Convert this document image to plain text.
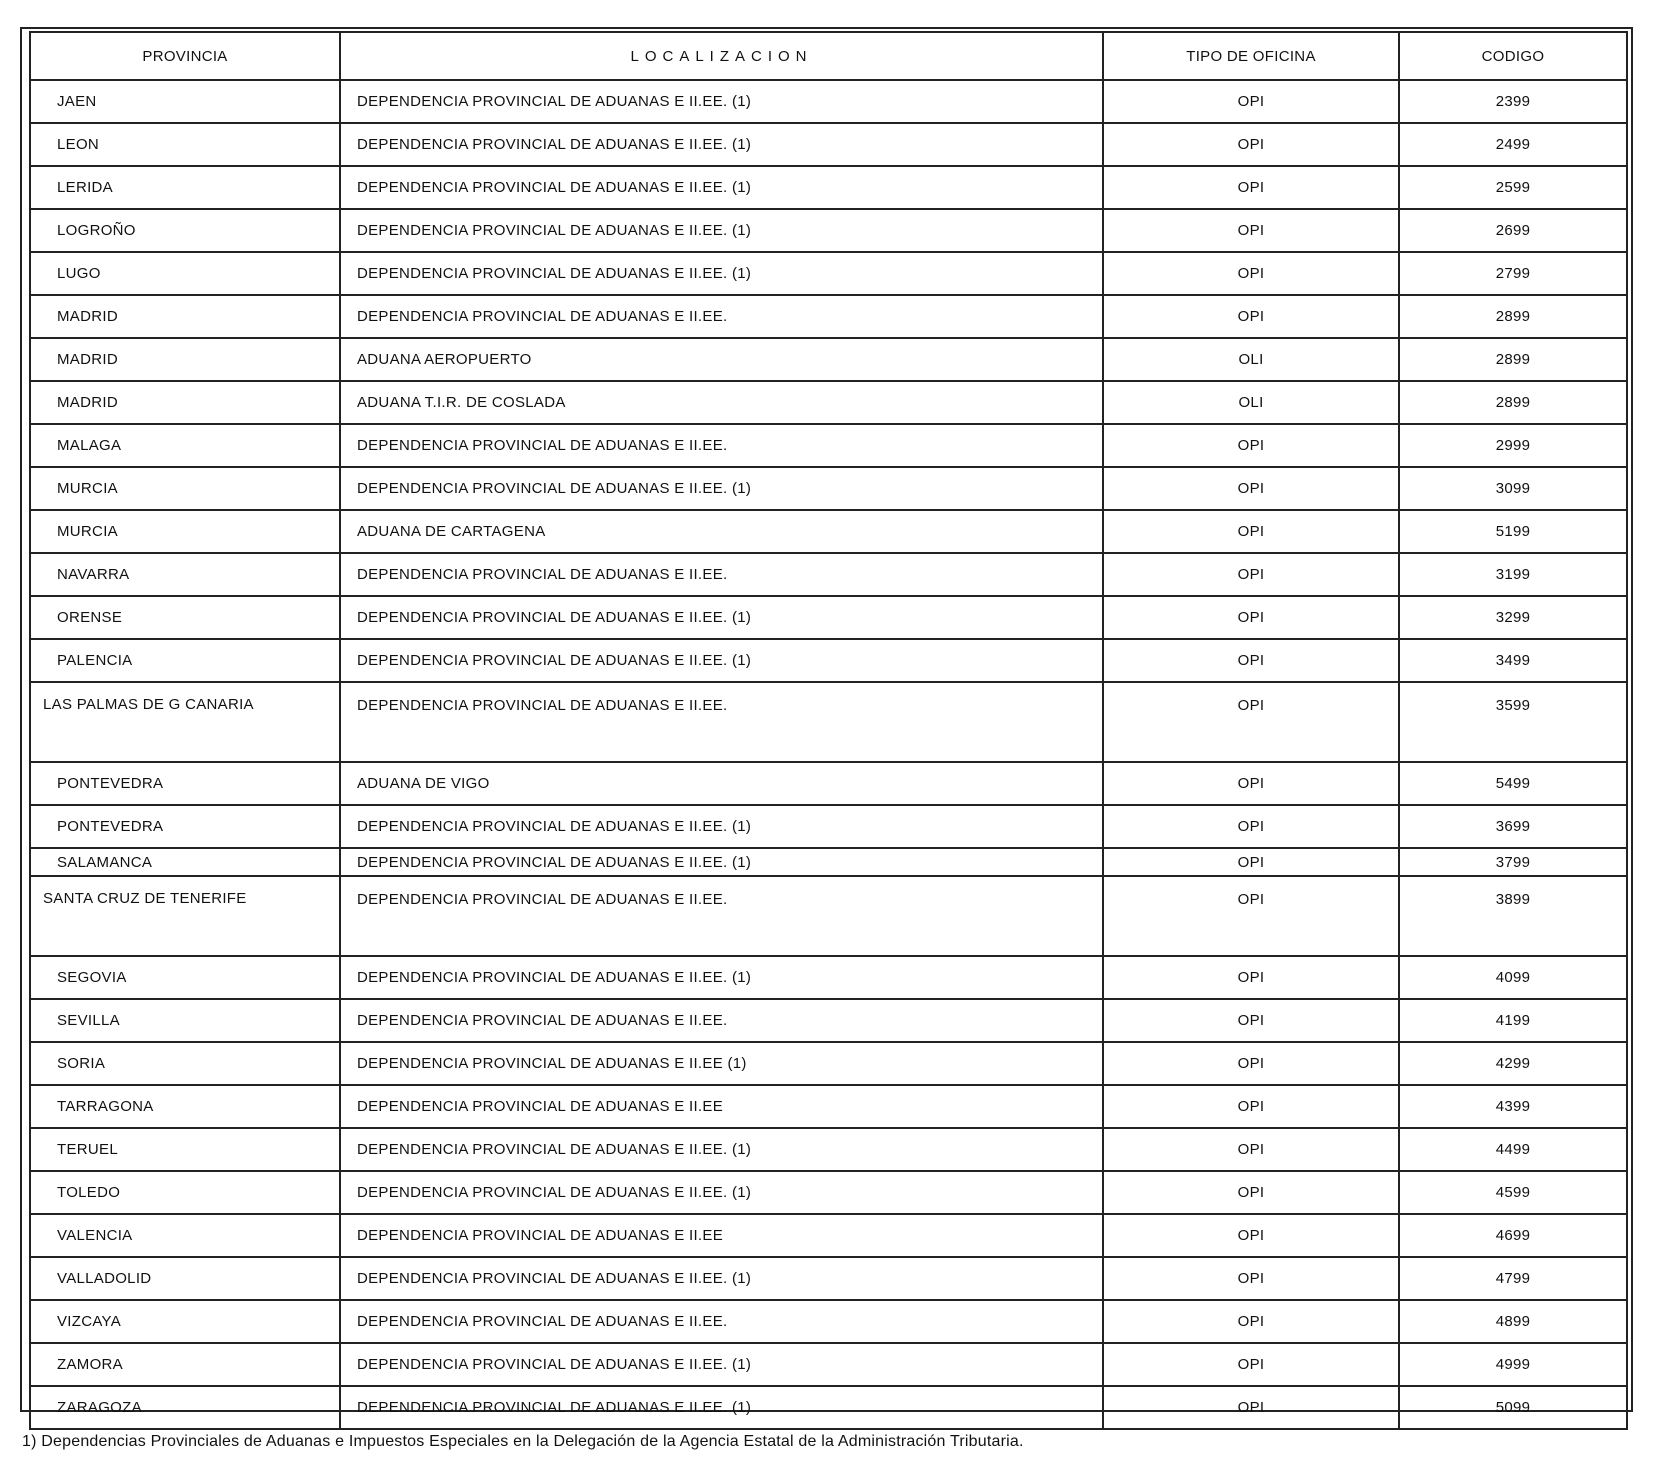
PROVINCIA	LOCALIZACION	TIPO DE OFICINA	CODIGO
JAEN	DEPENDENCIA PROVINCIAL DE ADUANAS E II.EE. (1)	OPI	2399
LEON	DEPENDENCIA PROVINCIAL DE ADUANAS E II.EE. (1)	OPI	2499
LERIDA	DEPENDENCIA PROVINCIAL DE ADUANAS E II.EE. (1)	OPI	2599
LOGROÑO	DEPENDENCIA PROVINCIAL DE ADUANAS E II.EE. (1)	OPI	2699
LUGO	DEPENDENCIA PROVINCIAL DE ADUANAS E II.EE. (1)	OPI	2799
MADRID	DEPENDENCIA PROVINCIAL DE ADUANAS E II.EE.	OPI	2899
MADRID	ADUANA AEROPUERTO	OLI	2899
MADRID	ADUANA T.I.R. DE COSLADA	OLI	2899
MALAGA	DEPENDENCIA PROVINCIAL DE ADUANAS E II.EE.	OPI	2999
MURCIA	DEPENDENCIA PROVINCIAL DE ADUANAS E II.EE. (1)	OPI	3099
MURCIA	ADUANA DE CARTAGENA	OPI	5199
NAVARRA	DEPENDENCIA PROVINCIAL DE ADUANAS E II.EE.	OPI	3199
ORENSE	DEPENDENCIA PROVINCIAL DE ADUANAS E II.EE. (1)	OPI	3299
PALENCIA	DEPENDENCIA PROVINCIAL DE ADUANAS E II.EE. (1)	OPI	3499
LAS PALMAS DE G CANARIA	DEPENDENCIA PROVINCIAL DE ADUANAS E II.EE.	OPI	3599
PONTEVEDRA	ADUANA DE VIGO	OPI	5499
PONTEVEDRA	DEPENDENCIA PROVINCIAL DE ADUANAS E II.EE. (1)	OPI	3699
SALAMANCA	DEPENDENCIA PROVINCIAL DE ADUANAS E II.EE. (1)	OPI	3799
SANTA CRUZ DE TENERIFE	DEPENDENCIA PROVINCIAL DE ADUANAS E II.EE.	OPI	3899
SEGOVIA	DEPENDENCIA PROVINCIAL DE ADUANAS E II.EE. (1)	OPI	4099
SEVILLA	DEPENDENCIA PROVINCIAL DE ADUANAS E II.EE.	OPI	4199
SORIA	DEPENDENCIA PROVINCIAL DE ADUANAS E II.EE (1)	OPI	4299
TARRAGONA	DEPENDENCIA PROVINCIAL DE ADUANAS E II.EE	OPI	4399
TERUEL	DEPENDENCIA PROVINCIAL DE ADUANAS E II.EE. (1)	OPI	4499
TOLEDO	DEPENDENCIA PROVINCIAL DE ADUANAS E II.EE. (1)	OPI	4599
VALENCIA	DEPENDENCIA PROVINCIAL DE ADUANAS E II.EE	OPI	4699
VALLADOLID	DEPENDENCIA PROVINCIAL DE ADUANAS E II.EE. (1)	OPI	4799
VIZCAYA	DEPENDENCIA PROVINCIAL DE ADUANAS E II.EE.	OPI	4899
ZAMORA	DEPENDENCIA PROVINCIAL DE ADUANAS E II.EE. (1)	OPI	4999
ZARAGOZA	DEPENDENCIA PROVINCIAL DE ADUANAS E II.EE. (1)	OPI	5099
1) Dependencias Provinciales de Aduanas e Impuestos Especiales en la Delegación de la Agencia Estatal de la Administración Tributaria.
